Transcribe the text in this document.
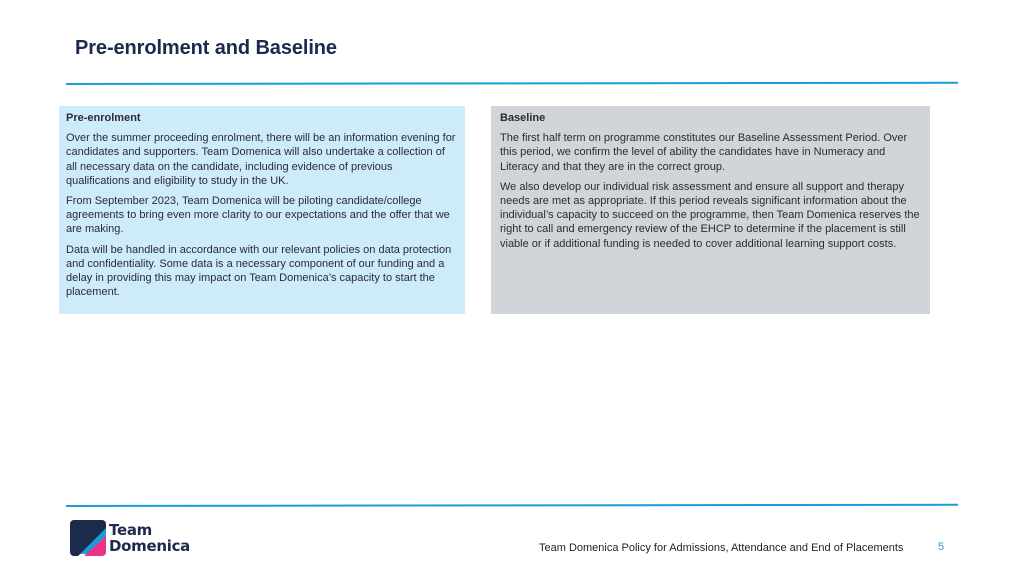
Pre-enrolment and Baseline
Pre-enrolment

Over the summer proceeding enrolment, there will be an information evening for candidates and supporters. Team Domenica will also undertake a collection of all necessary data on the candidate, including evidence of previous qualifications and eligibility to study in the UK.

From September 2023, Team Domenica will be piloting candidate/college agreements to bring even more clarity to our expectations and the offer that we are making.

Data will be handled in accordance with our relevant policies on data protection and confidentiality. Some data is a necessary component of our funding and a delay in providing this may impact on Team Domenica’s capacity to start the placement.

Baseline

The first half term on programme constitutes our Baseline Assessment Period. Over this period, we confirm the level of ability the candidates have in Numeracy and Literacy and that they are in the correct group.

We also develop our individual risk assessment and ensure all support and therapy needs are met as appropriate. If this period reveals significant information about the individual’s capacity to succeed on the programme, then Team Domenica reserves the right to call and emergency review of the EHCP to determine if the placement is still viable or if additional funding is needed to cover additional learning support costs.

Team
Domenica	Team Domenica Policy for Admissions, Attendance and End of Placements	5
